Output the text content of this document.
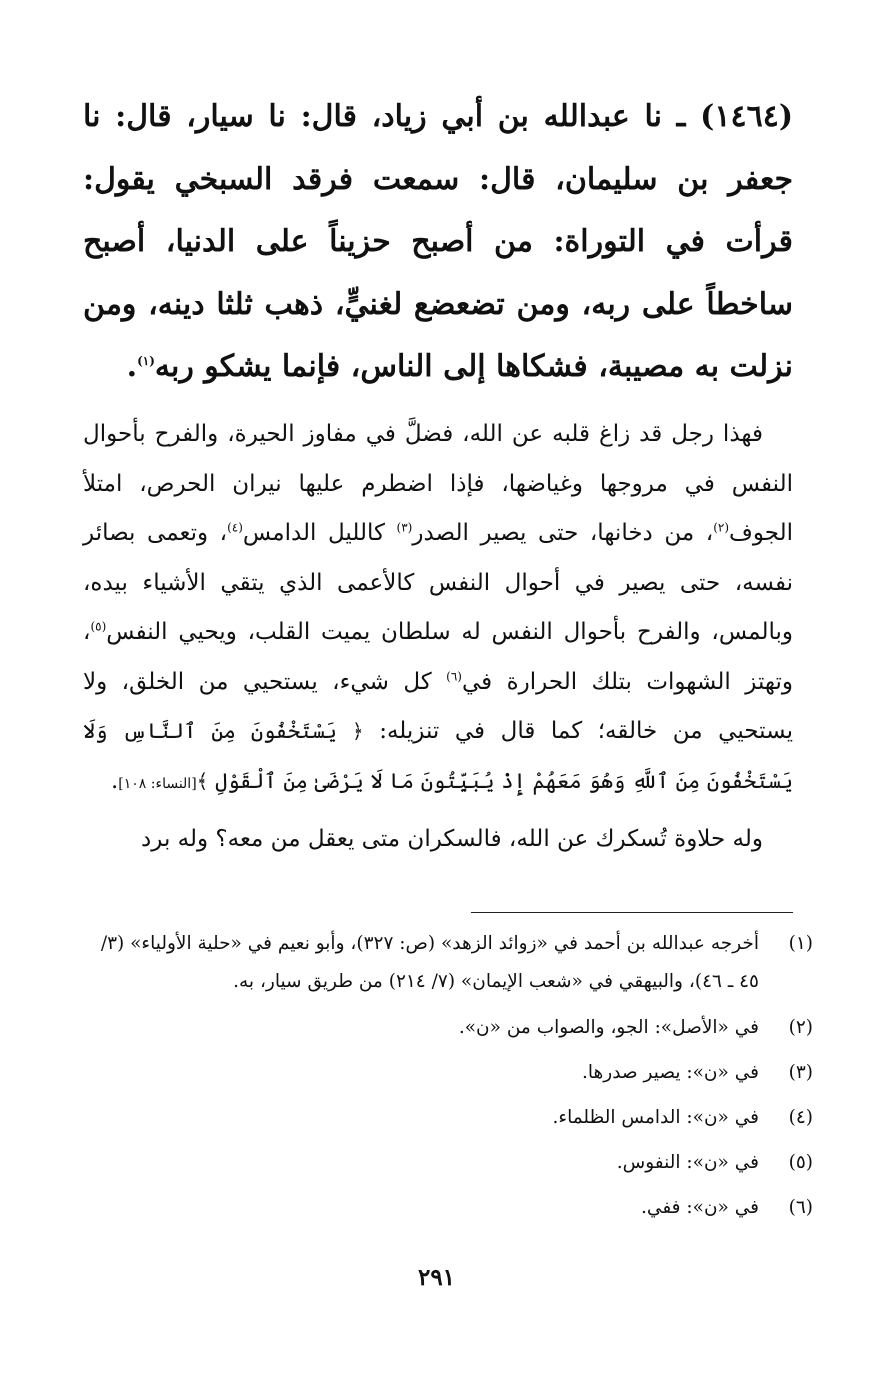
(١٤٦٤) ـ نا عبدالله بن أبي زياد، قال: نا سيار، قال: نا جعفر بن سليمان، قال: سمعت فرقد السبخي يقول: قرأت في التوراة: من أصبح حزيناً على الدنيا، أصبح ساخطاً على ربه، ومن تضعضع لغنيٍّ، ذهب ثلثا دينه، ومن نزلت به مصيبة، فشكاها إلى الناس، فإنما يشكو ربه$^{(١)}$.

فهذا رجل قد زاغ قلبه عن الله، فضلَّ في مفاوز الحيرة، والفرح بأحوال النفس في مروجها وغياضها، فإذا اضطرم عليها نيران الحرص، امتلأ الجوف$^{(٢)}$، من دخانها، حتى يصير الصدر$^{(٣)}$ كالليل الدامس$^{(٤)}$، وتعمى بصائر نفسه، حتى يصير في أحوال النفس كالأعمى الذي يتقي الأشياء بيده، وبالمس، والفرح بأحوال النفس له سلطان يميت القلب، ويحيي النفس$^{(٥)}$، وتهتز الشهوات بتلك الحرارة في$^{(٦)}$ كل شيء، يستحيي من الخلق، ولا يستحيي من خالقه؛ كما قال في تنزيله: ﴿ يَسْتَخْفُونَ مِنَ ٱلنَّاسِ وَلَا يَسْتَخْفُونَ مِنَ ٱللَّهِ وَهُوَ مَعَهُمْ إِذْ يُبَيِّتُونَ مَا لَا يَرْضَىٰ مِنَ ٱلْقَوْلِ ﴾[النساء: ١٠٨].

وله حلاوة تُسكرك عن الله، فالسكران متى يعقل من معه؟ وله برد

(١)
أخرجه عبدالله بن أحمد في «زوائد الزهد» (ص: ٣٢٧)، وأبو نعيم في «حلية الأولياء» (٣/ ٤٥ ـ ٤٦)، والبيهقي في «شعب الإيمان» (٧/ ٢١٤) من طريق سيار، به.
(٢)
في «الأصل»: الجو، والصواب من «ن».
(٣)
في «ن»: يصير صدرها.
(٤)
في «ن»: الدامس الظلماء.
(٥)
في «ن»: النفوس.
(٦)
في «ن»: ففي.
٢٩١
